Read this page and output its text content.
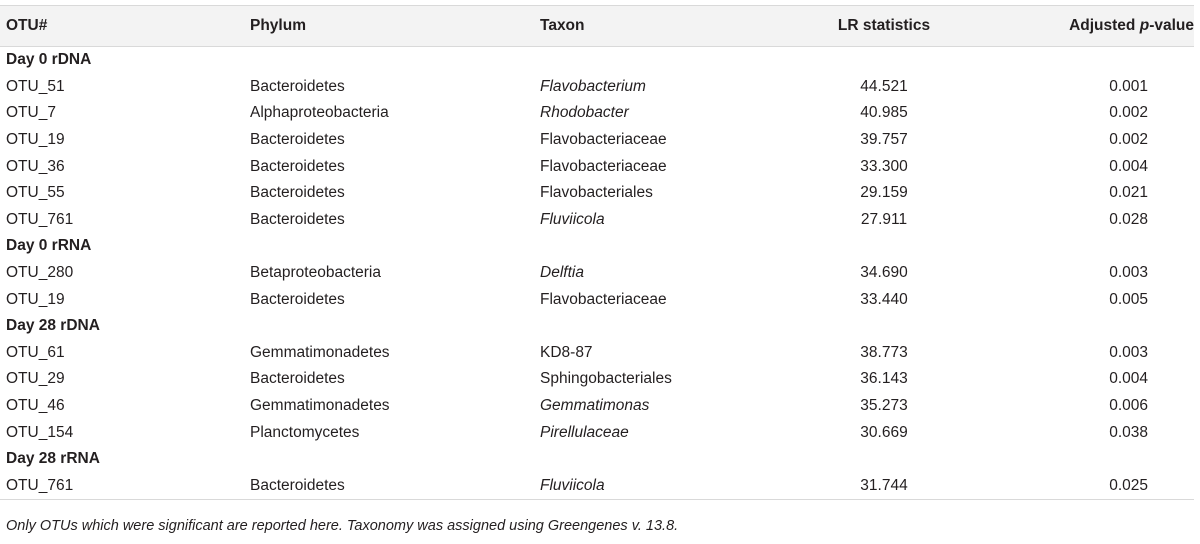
OTU#	Phylum	Taxon	LR statistics	Adjusted p-value
Day 0 rDNA				
OTU_51	Bacteroidetes	Flavobacterium	44.521	0.001
OTU_7	Alphaproteobacteria	Rhodobacter	40.985	0.002
OTU_19	Bacteroidetes	Flavobacteriaceae	39.757	0.002
OTU_36	Bacteroidetes	Flavobacteriaceae	33.300	0.004
OTU_55	Bacteroidetes	Flavobacteriales	29.159	0.021
OTU_761	Bacteroidetes	Fluviicola	27.911	0.028
Day 0 rRNA				
OTU_280	Betaproteobacteria	Delftia	34.690	0.003
OTU_19	Bacteroidetes	Flavobacteriaceae	33.440	0.005
Day 28 rDNA				
OTU_61	Gemmatimonadetes	KD8-87	38.773	0.003
OTU_29	Bacteroidetes	Sphingobacteriales	36.143	0.004
OTU_46	Gemmatimonadetes	Gemmatimonas	35.273	0.006
OTU_154	Planctomycetes	Pirellulaceae	30.669	0.038
Day 28 rRNA				
OTU_761	Bacteroidetes	Fluviicola	31.744	0.025
Only OTUs which were significant are reported here. Taxonomy was assigned using Greengenes v. 13.8.
